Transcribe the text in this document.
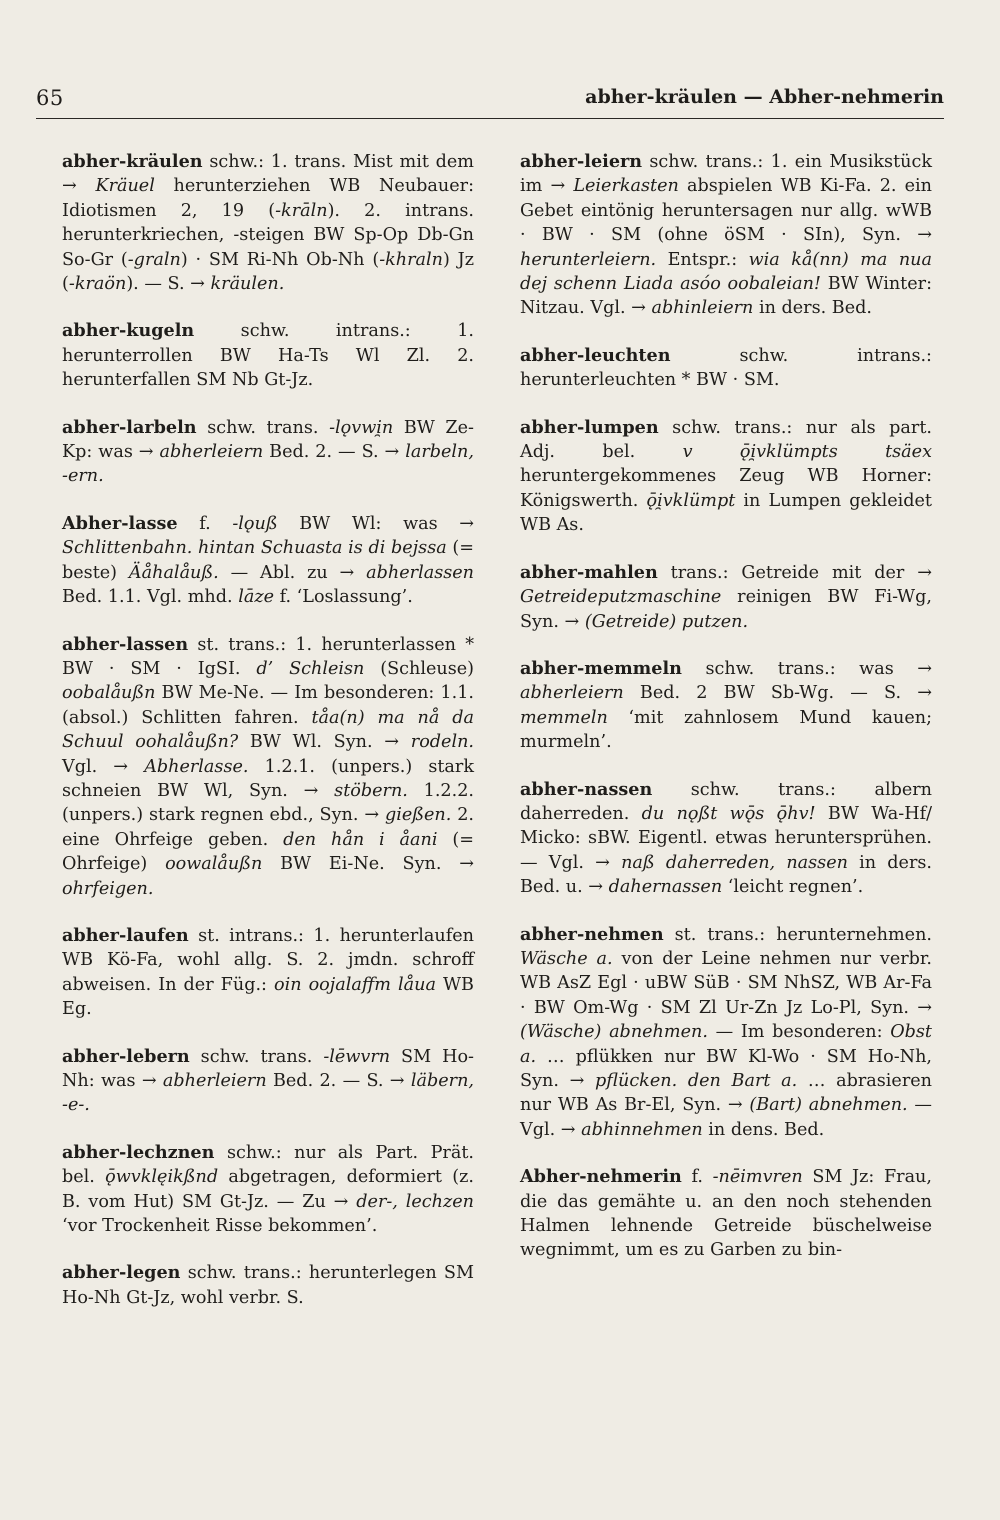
65	abher-kräulen — Abher-nehmerin

abher-kräulen schw.: 1. trans. Mist mit dem → Kräuel herunterziehen WB Neubauer: Idiotismen 2, 19 (-krāln). 2. intrans. herunterkriechen, -steigen BW Sp-Op Db-Gn So-Gr (-graln) · SM Ri-Nh Ob-Nh (-khraln) Jz (-kraön). — S. → kräulen.

abher-kugeln schw. intrans.: 1. herunterrollen BW Ha-Ts Wl Zl. 2. herunterfallen SM Nb Gt-Jz.

abher-larbeln schw. trans. -lǫvwi̯n BW Ze-Kp: was → abherleiern Bed. 2. — S. → larbeln, -ern.

Abher-lasse f. -lǫuß BW Wl: was → Schlittenbahn. hintan Schuasta is di bejssa (= beste) Äåhalåuß. — Abl. zu → abherlassen Bed. 1.1. Vgl. mhd. lāze f. ‘Loslassung’.

abher-lassen st. trans.: 1. herunterlassen * BW · SM · IgSI. d’ Schleisn (Schleuse) oobalåußn BW Me-Ne. — Im besonderen: 1.1. (absol.) Schlitten fahren. tåa(n) ma nå da Schuul oohalåußn? BW Wl. Syn. → rodeln. Vgl. → Abherlasse. 1.2.1. (unpers.) stark schneien BW Wl, Syn. → stöbern. 1.2.2. (unpers.) stark regnen ebd., Syn. → gießen. 2. eine Ohrfeige geben. den hån i åani (= Ohrfeige) oowalåußn BW Ei-Ne. Syn. → ohrfeigen.

abher-laufen st. intrans.: 1. herunterlaufen WB Kö-Fa, wohl allg. S. 2. jmdn. schroff abweisen. In der Füg.: oin oojalaffm låua WB Eg.

abher-lebern schw. trans. -lēwvrn SM Ho-Nh: was → abherleiern Bed. 2. — S. → läbern, -e-.

abher-lechznen schw.: nur als Part. Prät. bel. ǭwvklęikßnd abgetragen, deformiert (z. B. vom Hut) SM Gt-Jz. — Zu → der-, lechzen ‘vor Trockenheit Risse bekommen’.

abher-legen schw. trans.: herunterlegen SM Ho-Nh Gt-Jz, wohl verbr. S.

abher-leiern schw. trans.: 1. ein Musikstück im → Leierkasten abspielen WB Ki-Fa. 2. ein Gebet eintönig heruntersagen nur allg. wWB · BW · SM (ohne öSM · SIn), Syn. → herunterleiern. Entspr.: wia kå(nn) ma nua dej schenn Liada asóo oobaleian! BW Winter: Nitzau. Vgl. → abhinleiern in ders. Bed.

abher-leuchten schw. intrans.: herunterleuchten * BW · SM.

abher-lumpen schw. trans.: nur als part. Adj. bel. v ǭi̯vklümpts tsäex heruntergekommenes Zeug WB Horner: Königswerth. ǭi̯vklümpt in Lumpen gekleidet WB As.

abher-mahlen trans.: Getreide mit der → Getreideputzmaschine reinigen BW Fi-Wg, Syn. → (Getreide) putzen.

abher-memmeln schw. trans.: was → abherleiern Bed. 2 BW Sb-Wg. — S. → memmeln ‘mit zahnlosem Mund kauen; murmeln’.

abher-nassen schw. trans.: albern daherreden. du nǫßt wǭs ǭhv! BW Wa-Hf/ Micko: sBW. Eigentl. etwas heruntersprühen. — Vgl. → naß daherreden, nassen in ders. Bed. u. → dahernassen ‘leicht regnen’.

abher-nehmen st. trans.: herunternehmen. Wäsche a. von der Leine nehmen nur verbr. WB AsZ Egl · uBW SüB · SM NhSZ, WB Ar-Fa · BW Om-Wg · SM Zl Ur-Zn Jz Lo-Pl, Syn. → (Wäsche) abnehmen. — Im besonderen: Obst a. … pflükken nur BW Kl-Wo · SM Ho-Nh, Syn. → pflücken. den Bart a. … abrasieren nur WB As Br-El, Syn. → (Bart) abnehmen. — Vgl. → abhinnehmen in dens. Bed.

Abher-nehmerin f. -nēimvren SM Jz: Frau, die das gemähte u. an den noch stehenden Halmen lehnende Getreide büschelweise wegnimmt, um es zu Garben zu bin-
